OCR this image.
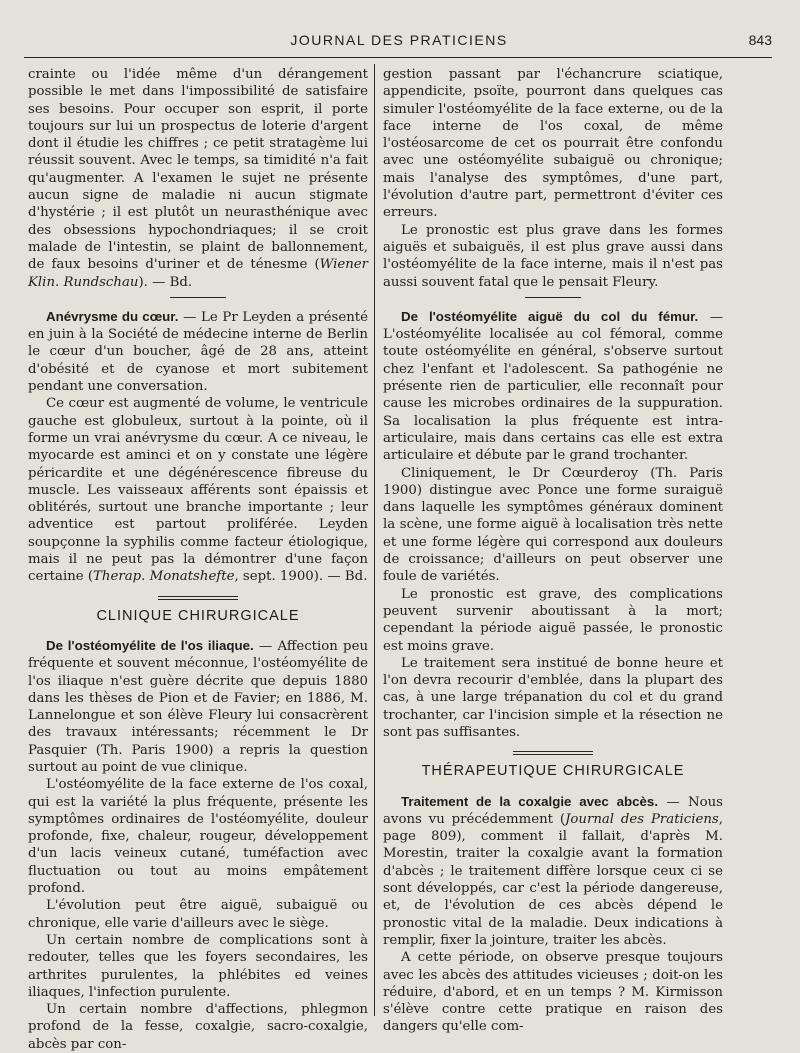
JOURNAL DES PRATICIENS	843

crainte ou l'idée même d'un dérangement possible le met dans l'impossibilité de satisfaire ses besoins. Pour occuper son esprit, il porte toujours sur lui un prospectus de loterie d'argent dont il étudie les chiffres ; ce petit stratagème lui réussit souvent. Avec le temps, sa timidité n'a fait qu'augmenter. A l'examen le sujet ne présente aucun signe de maladie ni aucun stigmate d'hystérie ; il est plutôt un neurasthénique avec des obsessions hypochondriaques; il se croit malade de l'intestin, se plaint de ballonnement, de faux besoins d'uriner et de ténesme (Wiener Klin. Rundschau). — Bd.

Anévrysme du cœur. — Le Pr Leyden a présenté en juin à la Société de médecine interne de Berlin le cœur d'un boucher, âgé de 28 ans, atteint d'obésité et de cyanose et mort subitement pendant une conversation.

Ce cœur est augmenté de volume, le ventricule gauche est globuleux, surtout à la pointe, où il forme un vrai anévrysme du cœur. A ce niveau, le myocarde est aminci et on y constate une légère péricardite et une dégénérescence fibreuse du muscle. Les vaisseaux afférents sont épaissis et oblitérés, surtout une branche importante ; leur adventice est partout proliférée. Leyden soupçonne la syphilis comme facteur étiologique, mais il ne peut pas la démontrer d'une façon certaine (Therap. Monatshefte, sept. 1900). — Bd.

CLINIQUE CHIRURGICALE

De l'ostéomyélite de l'os iliaque. — Affection peu fréquente et souvent méconnue, l'ostéomyélite de l'os iliaque n'est guère décrite que depuis 1880 dans les thèses de Pion et de Favier; en 1886, M. Lannelongue et son élève Fleury lui consacrèrent des travaux intéressants; récemment le Dr Pasquier (Th. Paris 1900) a repris la question surtout au point de vue clinique.

L'ostéomyélite de la face externe de l'os coxal, qui est la variété la plus fréquente, présente les symptômes ordinaires de l'ostéomyélite, douleur profonde, fixe, chaleur, rougeur, développement d'un lacis veineux cutané, tuméfaction avec fluctuation ou tout au moins empâtement profond.

L'évolution peut être aiguë, subaiguë ou chronique, elle varie d'ailleurs avec le siège.

Un certain nombre de complications sont à redouter, telles que les foyers secondaires, les arthrites purulentes, la phlébites ed veines iliaques, l'infection purulente.

Un certain nombre d'affections, phlegmon profond de la fesse, coxalgie, sacro-coxalgie, abcès par con-

gestion passant par l'échancrure sciatique, appendicite, psoïte, pourront dans quelques cas simuler l'ostéomyélite de la face externe, ou de la face interne de l'os coxal, de même l'ostéosarcome de cet os pourrait être confondu avec une ostéomyélite subaiguë ou chronique; mais l'analyse des symptômes, d'une part, l'évolution d'autre part, permettront d'éviter ces erreurs.

Le pronostic est plus grave dans les formes aiguës et subaiguës, il est plus grave aussi dans l'ostéomyélite de la face interne, mais il n'est pas aussi souvent fatal que le pensait Fleury.

De l'ostéomyélite aiguë du col du fémur. — L'ostéomyélite localisée au col fémoral, comme toute ostéomyélite en général, s'observe surtout chez l'enfant et l'adolescent. Sa pathogénie ne présente rien de particulier, elle reconnaît pour cause les microbes ordinaires de la suppuration. Sa localisation la plus fréquente est intra-articulaire, mais dans certains cas elle est extra articulaire et débute par le grand trochanter.

Cliniquement, le Dr Cœurderoy (Th. Paris 1900) distingue avec Ponce une forme suraiguë dans laquelle les symptômes généraux dominent la scène, une forme aiguë à localisation très nette et une forme légère qui correspond aux douleurs de croissance; d'ailleurs on peut observer une foule de variétés.

Le pronostic est grave, des complications peuvent survenir aboutissant à la mort; cependant la période aiguë passée, le pronostic est moins grave.

Le traitement sera institué de bonne heure et l'on devra recourir d'emblée, dans la plupart des cas, à une large trépanation du col et du grand trochanter, car l'incision simple et la résection ne sont pas suffisantes.

THÉRAPEUTIQUE CHIRURGICALE

Traitement de la coxalgie avec abcès. — Nous avons vu précédemment (Journal des Praticiens, page 809), comment il fallait, d'après M. Morestin, traiter la coxalgie avant la formation d'abcès ; le traitement diffère lorsque ceux ci se sont développés, car c'est la période dangereuse, et, de l'évolution de ces abcès dépend le pronostic vital de la maladie. Deux indications à remplir, fixer la jointure, traiter les abcès.

A cette période, on observe presque toujours avec les abcès des attitudes vicieuses ; doit-on les réduire, d'abord, et en un temps ? M. Kirmisson s'élève contre cette pratique en raison des dangers qu'elle com-
